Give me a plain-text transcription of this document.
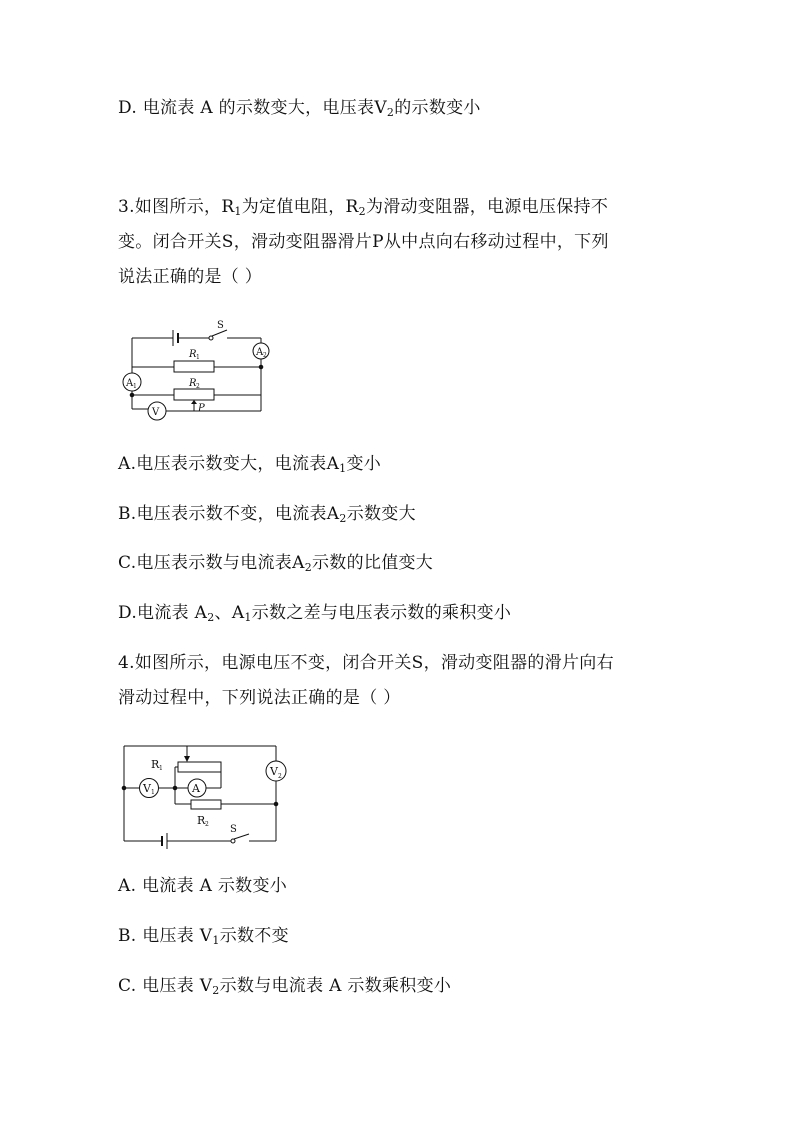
D. 电流表 A 的示数变大，电压表$V_2$的示数变小
3.如图所示，$R_1$为定值电阻，$R_2$为滑动变阻器，电源电压保持不
变。闭合开关S，滑动变阻器滑片P从中点向右移动过程中，下列
说法正确的是（ ）
A 2
A 1
R 1
R 2
P
V
S
A.电压表示数变大，电流表$A_1$变小
B.电压表示数不变，电流表$A_2$示数变大
C.电压表示数与电流表$A_2$示数的比值变大
D.电流表 $A_2$、$A_1$示数之差与电压表示数的乘积变小
4.如图所示，电源电压不变，闭合开关S，滑动变阻器的滑片向右
滑动过程中，下列说法正确的是（ ）
V 2
S
V 1
R 1
A
R 2
A. 电流表 A 示数变小
B. 电压表 $V_1$示数不变
C. 电压表 $V_2$示数与电流表 A 示数乘积变小
